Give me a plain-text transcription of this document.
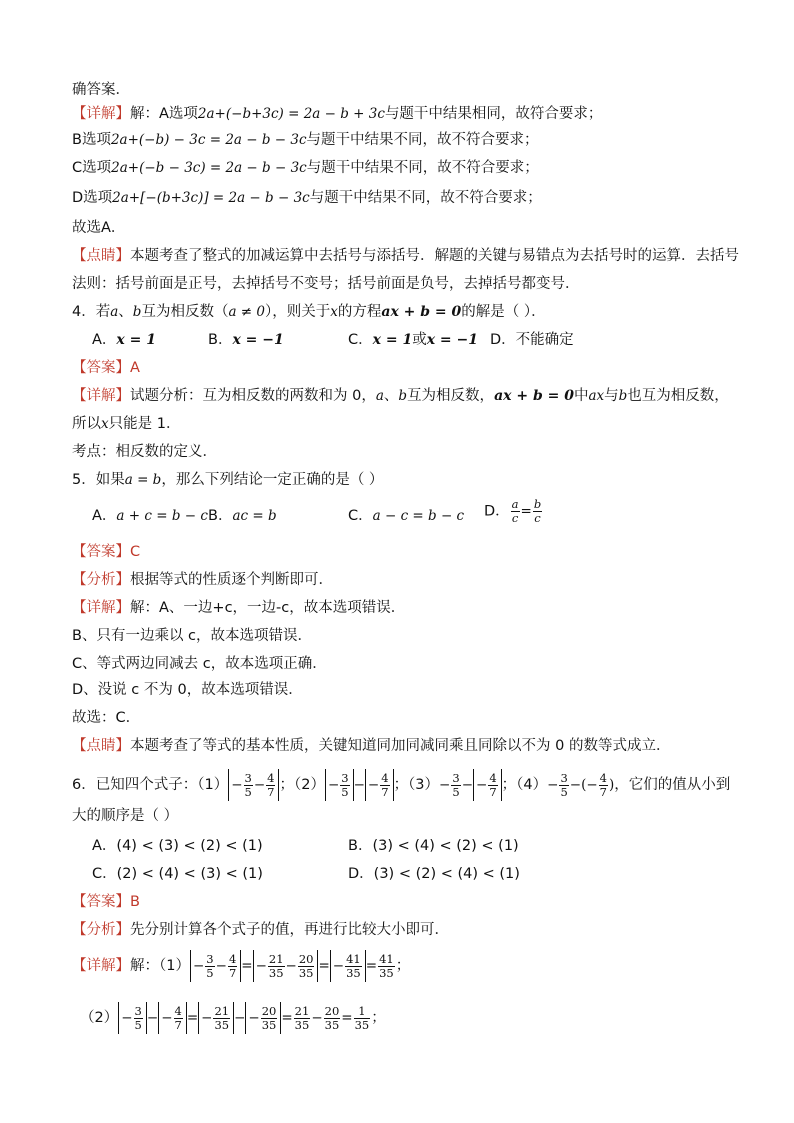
确答案．
【详解】解：A选项2a+(−b+3c) = 2a − b + 3c与题干中结果相同，故符合要求；
B选项2a+(−b) − 3c = 2a − b − 3c与题干中结果不同，故不符合要求；
C选项2a+(−b − 3c) = 2a − b − 3c与题干中结果不同，故不符合要求；
D选项2a+[−(b+3c)] = 2a − b − 3c与题干中结果不同，故不符合要求；
故选A．
【点睛】本题考查了整式的加减运算中去括号与添括号．解题的关键与易错点为去括号时的运算．去括号
法则：括号前面是正号，去掉括号不变号；括号前面是负号，去掉括号都变号．
4．若a、b互为相反数（a ≠ 0），则关于x的方程ax + b = 0的解是（ ）．
A．x = 1	B．x = −1	C．x = 1或x = −1 D．不能确定
【答案】A
【详解】试题分析：互为相反数的两数和为 0，a、b互为相反数，ax + b = 0中ax与b也互为相反数，
所以x只能是 1．
考点：相反数的定义．
5．如果a = b，那么下列结论一定正确的是（ ）
A．a + c = b − c B．ac = b	C．a − c = b − c D． $\frac{a}{c} = \frac{b}{c}$
【答案】C
【分析】根据等式的性质逐个判断即可．
【详解】解：A、一边+c，一边-c，故本选项错误．
B、只有一边乘以 c，故本选项错误．
C、等式两边同减去 c，故本选项正确．
D、没说 c 不为 0，故本选项错误．
故选：C．
【点睛】本题考查了等式的基本性质，关键知道同加同减同乘且同除以不为 0 的数等式成立．
6．已知四个式子：$(1) - \frac{3}{5} - \frac{4}{7}$ ；$(2) - \frac{3}{5}$ − − $\frac{4}{7}$ ；$(3)- \frac{3}{5}$ − − $\frac{4}{7}$ ；$(4)- \frac{3}{5}$ −(− $\frac{4}{7}$ )，它们的值从小到
大的顺序是（ ）
A．(4) < (3) < (2) < (1)	B．(3) < (4) < (2) < (1)
C．(2) < (4) < (3) < (1)	D．(3) < (2) < (4) < (1)
【答案】B
【分析】先分别计算各个式子的值，再进行比较大小即可．
【详解】解：$(1) - \frac{3}{5} - \frac{4}{7}$ = − $\frac{21}{35} - \frac{20}{35}$ = − $\frac{41}{35} = \frac{41}{35}$ ；
$(2) - \frac{3}{5}$ − − $\frac{4}{7}$ = − $\frac{21}{35}$ − − $\frac{20}{35} = \frac{21}{35} - \frac{20}{35} = \frac{1}{35}$ ；
